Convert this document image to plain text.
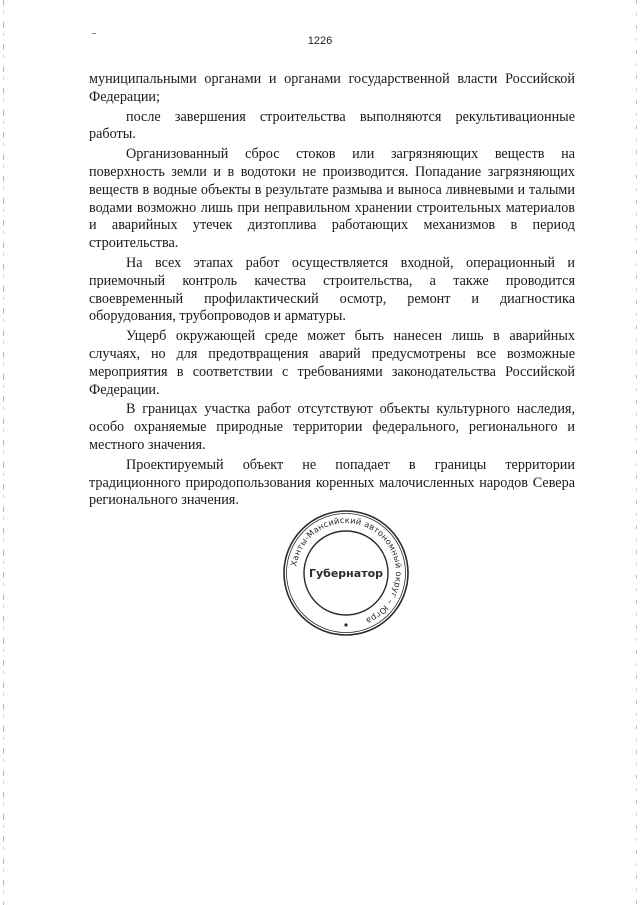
1226

муниципальными органами и органами государственной власти Российской Федерации;

после завершения строительства выполняются рекультивационные работы.

Организованный сброс стоков или загрязняющих веществ на поверхность земли и в водотоки не производится. Попадание загрязняющих веществ в водные объекты в результате размыва и выноса ливневыми и талыми водами возможно лишь при неправильном хранении строительных материалов и аварийных утечек дизтоплива работающих механизмов в период строительства.

На всех этапах работ осуществляется входной, операционный и приемочный контроль качества строительства, а также проводится своевременный профилактический осмотр, ремонт и диагностика оборудования, трубопроводов и арматуры.

Ущерб окружающей среде может быть нанесен лишь в аварийных случаях, но для предотвращения аварий предусмотрены все возможные мероприятия в соответствии с требованиями законодательства Российской Федерации.

В границах участка работ отсутствуют объекты культурного наследия, особо охраняемые природные территории федерального, регионального и местного значения.

Проектируемый объект не попадает в границы территории традиционного природопользования коренных малочисленных народов Севера регионального значения.

Ханты-Мансийский автономный округ – Югра
Губернатор
